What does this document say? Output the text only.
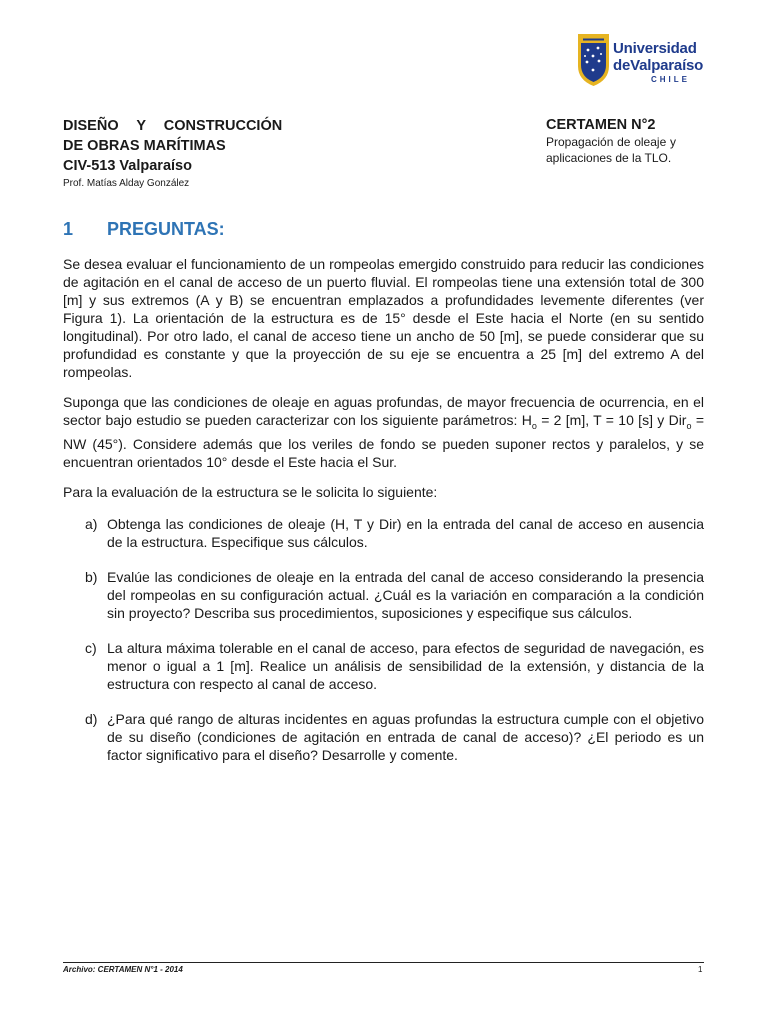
Universidad
deValparaíso
CHILE
DISEÑO Y CONSTRUCCIÓN
DE OBRAS MARÍTIMAS
CIV-513 Valparaíso
Prof. Matías Alday González
CERTAMEN N°2
Propagación de oleaje y aplicaciones de la TLO.
1 PREGUNTAS:

Se desea evaluar el funcionamiento de un rompeolas emergido construido para reducir las condiciones de agitación en el canal de acceso de un puerto fluvial. El rompeolas tiene una extensión total de 300 [m] y sus extremos (A y B) se encuentran emplazados a profundidades levemente diferentes (ver Figura 1). La orientación de la estructura es de 15° desde el Este hacia el Norte (en su sentido longitudinal). Por otro lado, el canal de acceso tiene un ancho de 50 [m], se puede considerar que su profundidad es constante y que la proyección de su eje se encuentra a 25 [m] del extremo A del rompeolas.

Suponga que las condiciones de oleaje en aguas profundas, de mayor frecuencia de ocurrencia, en el sector bajo estudio se pueden caracterizar con los siguiente parámetros: $H_o = 2$ [m], T = 10 [s] y Dir$_o$ = NW (45°). Considere además que los veriles de fondo se pueden suponer rectos y paralelos, y se encuentran orientados 10° desde el Este hacia el Sur.

Para la evaluación de la estructura se le solicita lo siguiente:

a) Obtenga las condiciones de oleaje (H, T y Dir) en la entrada del canal de acceso en ausencia de la estructura. Especifique sus cálculos.
b) Evalúe las condiciones de oleaje en la entrada del canal de acceso considerando la presencia del rompeolas en su configuración actual. ¿Cuál es la variación en comparación a la condición sin proyecto? Describa sus procedimientos, suposiciones y especifique sus cálculos.
c) La altura máxima tolerable en el canal de acceso, para efectos de seguridad de navegación, es menor o igual a 1 [m]. Realice un análisis de sensibilidad de la extensión, y distancia de la estructura con respecto al canal de acceso.
d) ¿Para qué rango de alturas incidentes en aguas profundas la estructura cumple con el objetivo de su diseño (condiciones de agitación en entrada de canal de acceso)? ¿El periodo es un factor significativo para el diseño? Desarrolle y comente.
Archivo: CERTAMEN N°1 - 2014	1
